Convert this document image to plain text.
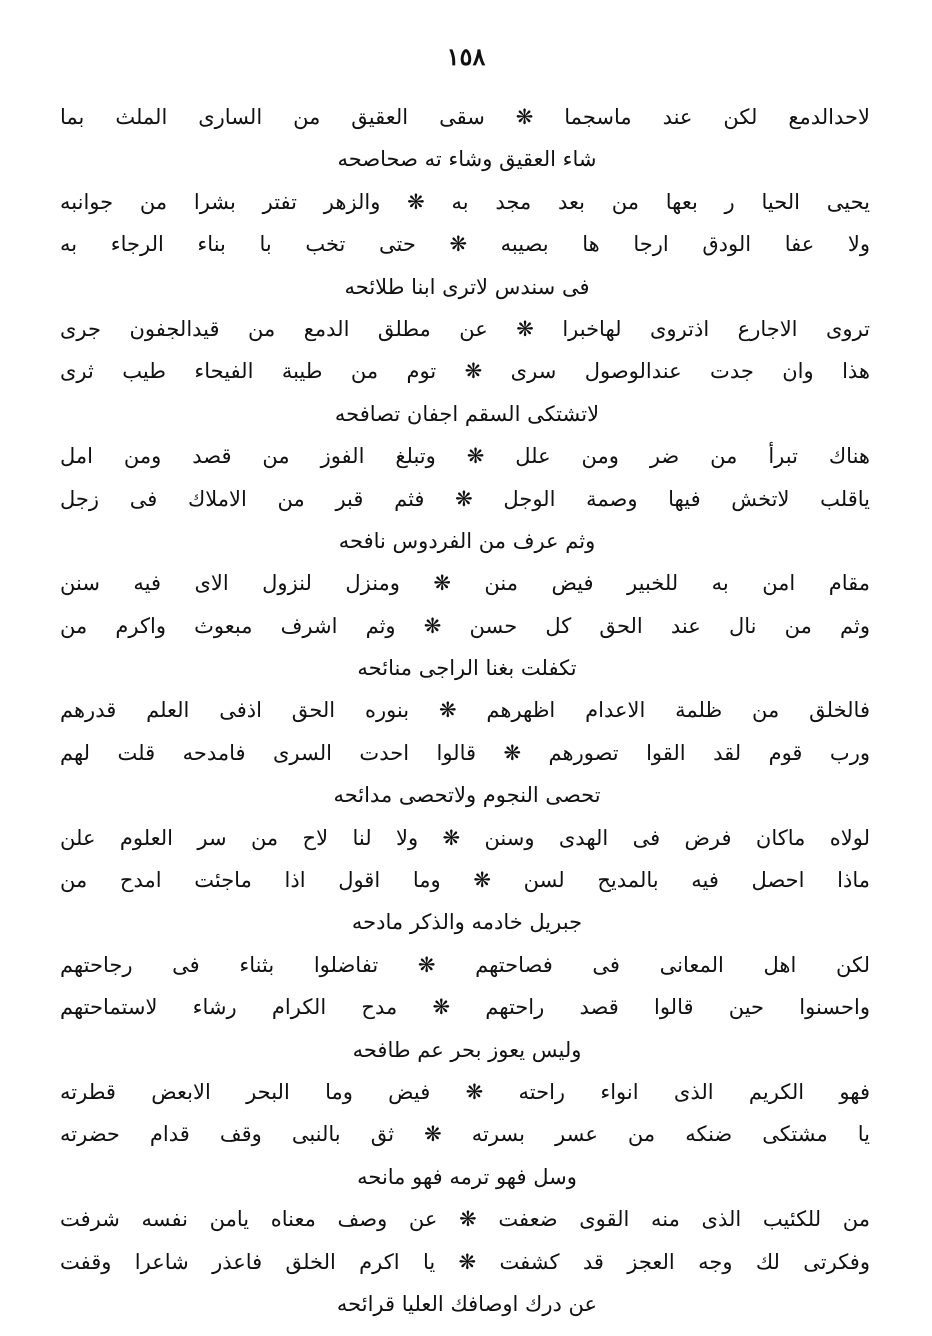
١٥٨
لاحدالدمع لكن عند ماسجما ❋ سقى العقيق من السارى الملث بما
شاء العقيق وشاء ته صحاصحه
يحيى الحيا ر بعها من بعد مجد به ❋ والزهر تفتر بشرا من جوانبه
ولا عفا الودق ارجا ها بصيبه ❋ حتى تخب با بناء الرجاء به
فى سندس لاترى ابنا طلائحه
تروى الاجارع اذتروى لهاخبرا ❋ عن مطلق الدمع من قيدالجفون جرى
هذا وان جدت عندالوصول سرى ❋ توم من طيبة الفيحاء طيب ثرى
لاتشتكى السقم اجفان تصافحه
هناك تبرأ من ضر ومن علل ❋ وتبلغ الفوز من قصد ومن امل
ياقلب لاتخش فيها وصمة الوجل ❋ فثم قبر من الاملاك فى زجل
وثم عرف من الفردوس نافحه
مقام امن به للخبير فيض منن ❋ ومنزل لنزول الاى فيه سنن
وثم من نال عند الحق كل حسن ❋ وثم اشرف مبعوث واكرم من
تكفلت بغنا الراجى منائحه
فالخلق من ظلمة الاعدام اظهرهم ❋ بنوره الحق اذفى العلم قدرهم
ورب قوم لقد القوا تصورهم ❋ قالوا احدت السرى فامدحه قلت لهم
تحصى النجوم ولاتحصى مدائحه
لولاه ماكان فرض فى الهدى وسنن ❋ ولا لنا لاح من سر العلوم علن
ماذا احصل فيه بالمديح لسن ❋ وما اقول اذا ماجئت امدح من
جبريل خادمه والذكر مادحه
لكن اهل المعانى فى فصاحتهم ❋ تفاضلوا بثناء فى رجاحتهم
واحسنوا حين قالوا قصد راحتهم ❋ مدح الكرام رشاء لاستماحتهم
وليس يعوز بحر عم طافحه
فهو الكريم الذى انواء راحته ❋ فيض وما البحر الابعض قطرته
يا مشتكى ضنكه من عسر بسرته ❋ ثق بالنبى وقف قدام حضرته
وسل فهو ترمه فهو مانحه
من للكئيب الذى منه القوى ضعفت ❋ عن وصف معناه يامن نفسه شرفت
وفكرتى لك وجه العجز قد كشفت ❋ يا اكرم الخلق فاعذر شاعرا وقفت
عن درك اوصافك العليا قرائحه
